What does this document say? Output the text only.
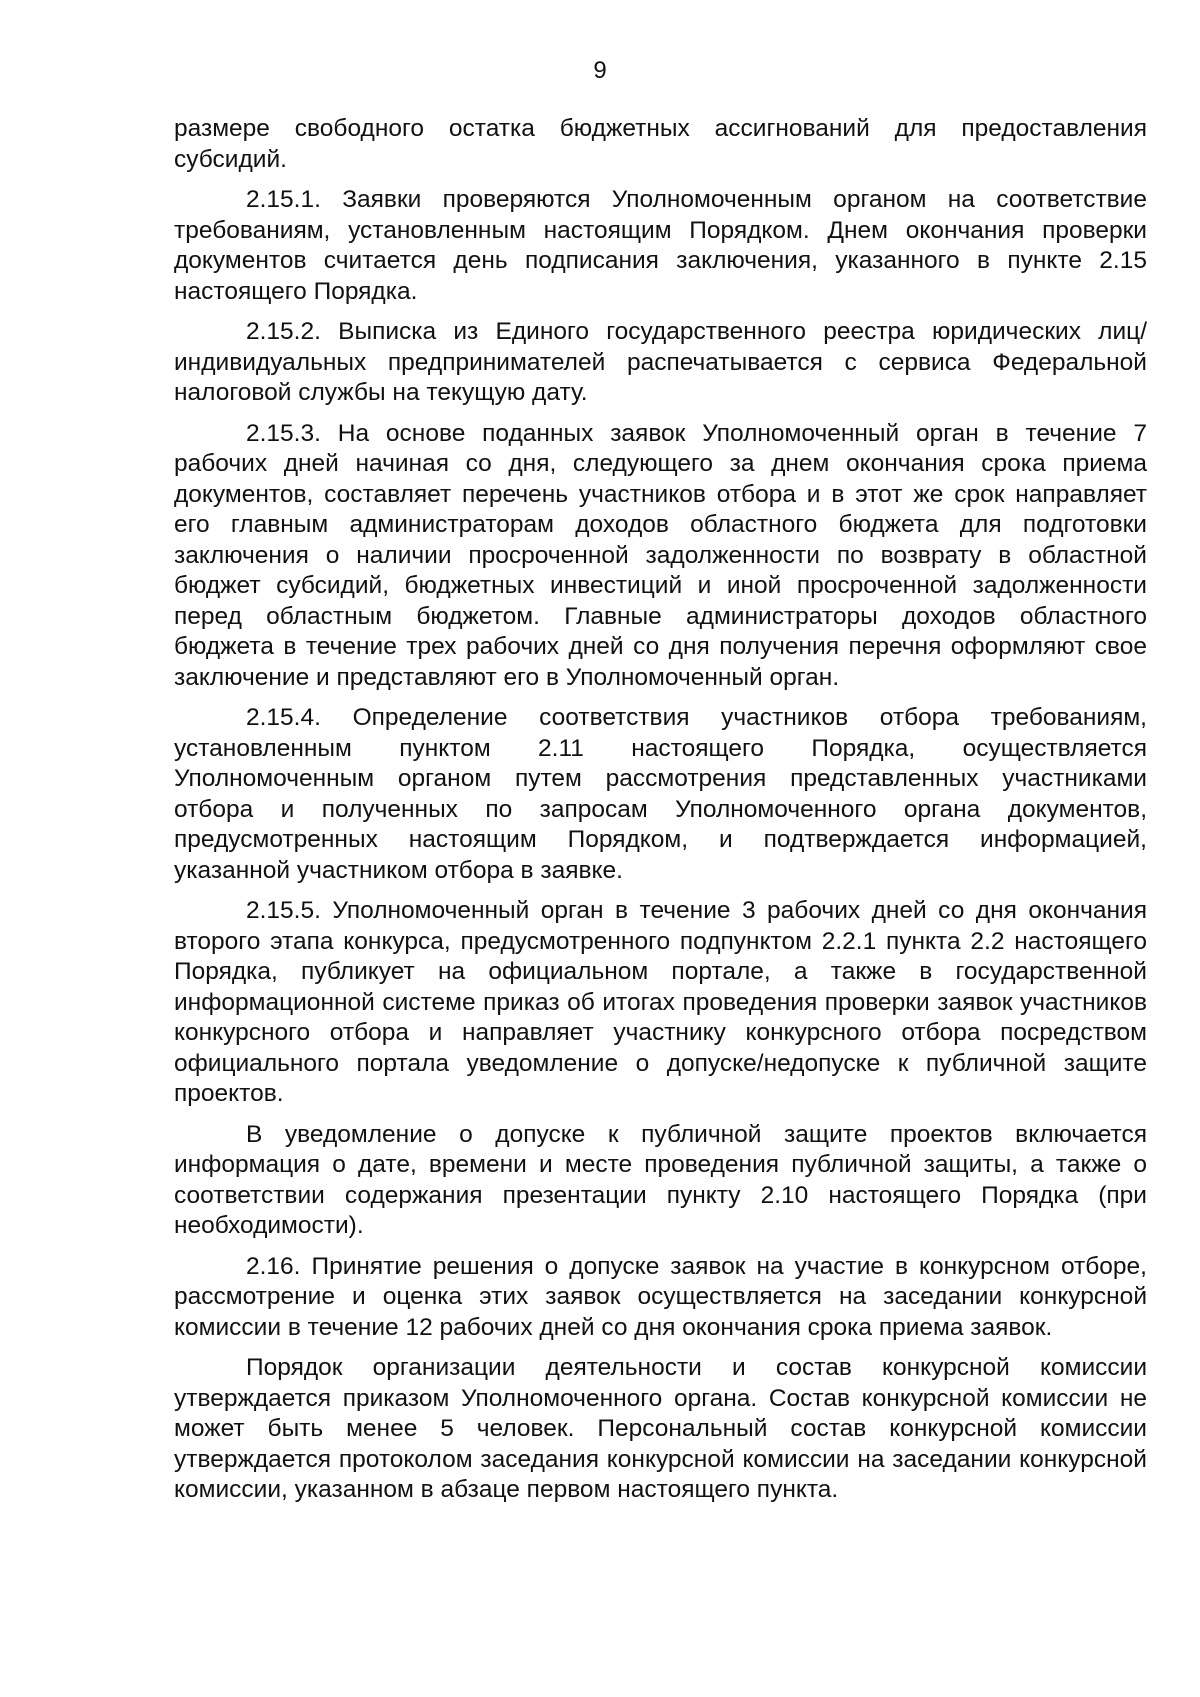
9

размере свободного остатка бюджетных ассигнований для предоставления субсидий.

2.15.1. Заявки проверяются Уполномоченным органом на соответствие требованиям, установленным настоящим Порядком. Днем окончания проверки документов считается день подписания заключения, указанного в пункте 2.15 настоящего Порядка.

2.15.2. Выписка из Единого государственного реестра юридических лиц/индивидуальных предпринимателей распечатывается с сервиса Федеральной налоговой службы на текущую дату.

2.15.3. На основе поданных заявок Уполномоченный орган в течение 7 рабочих дней начиная со дня, следующего за днем окончания срока приема документов, составляет перечень участников отбора и в этот же срок направляет его главным администраторам доходов областного бюджета для подготовки заключения о наличии просроченной задолженности по возврату в областной бюджет субсидий, бюджетных инвестиций и иной просроченной задолженности перед областным бюджетом. Главные администраторы доходов областного бюджета в течение трех рабочих дней со дня получения перечня оформляют свое заключение и представляют его в Уполномоченный орган.

2.15.4. Определение соответствия участников отбора требованиям, установленным пунктом 2.11 настоящего Порядка, осуществляется Уполномоченным органом путем рассмотрения представленных участниками отбора и полученных по запросам Уполномоченного органа документов, предусмотренных настоящим Порядком, и подтверждается информацией, указанной участником отбора в заявке.

2.15.5. Уполномоченный орган в течение 3 рабочих дней со дня окончания второго этапа конкурса, предусмотренного подпунктом 2.2.1 пункта 2.2 настоящего Порядка, публикует на официальном портале, а также в государственной информационной системе приказ об итогах проведения проверки заявок участников конкурсного отбора и направляет участнику конкурсного отбора посредством официального портала уведомление о допуске/недопуске к публичной защите проектов.

В уведомление о допуске к публичной защите проектов включается информация о дате, времени и месте проведения публичной защиты, а также о соответствии содержания презентации пункту 2.10 настоящего Порядка (при необходимости).

2.16. Принятие решения о допуске заявок на участие в конкурсном отборе, рассмотрение и оценка этих заявок осуществляется на заседании конкурсной комиссии в течение 12 рабочих дней со дня окончания срока приема заявок.

Порядок организации деятельности и состав конкурсной комиссии утверждается приказом Уполномоченного органа. Состав конкурсной комиссии не может быть менее 5 человек. Персональный состав конкурсной комиссии утверждается протоколом заседания конкурсной комиссии на заседании конкурсной комиссии, указанном в абзаце первом настоящего пункта.
